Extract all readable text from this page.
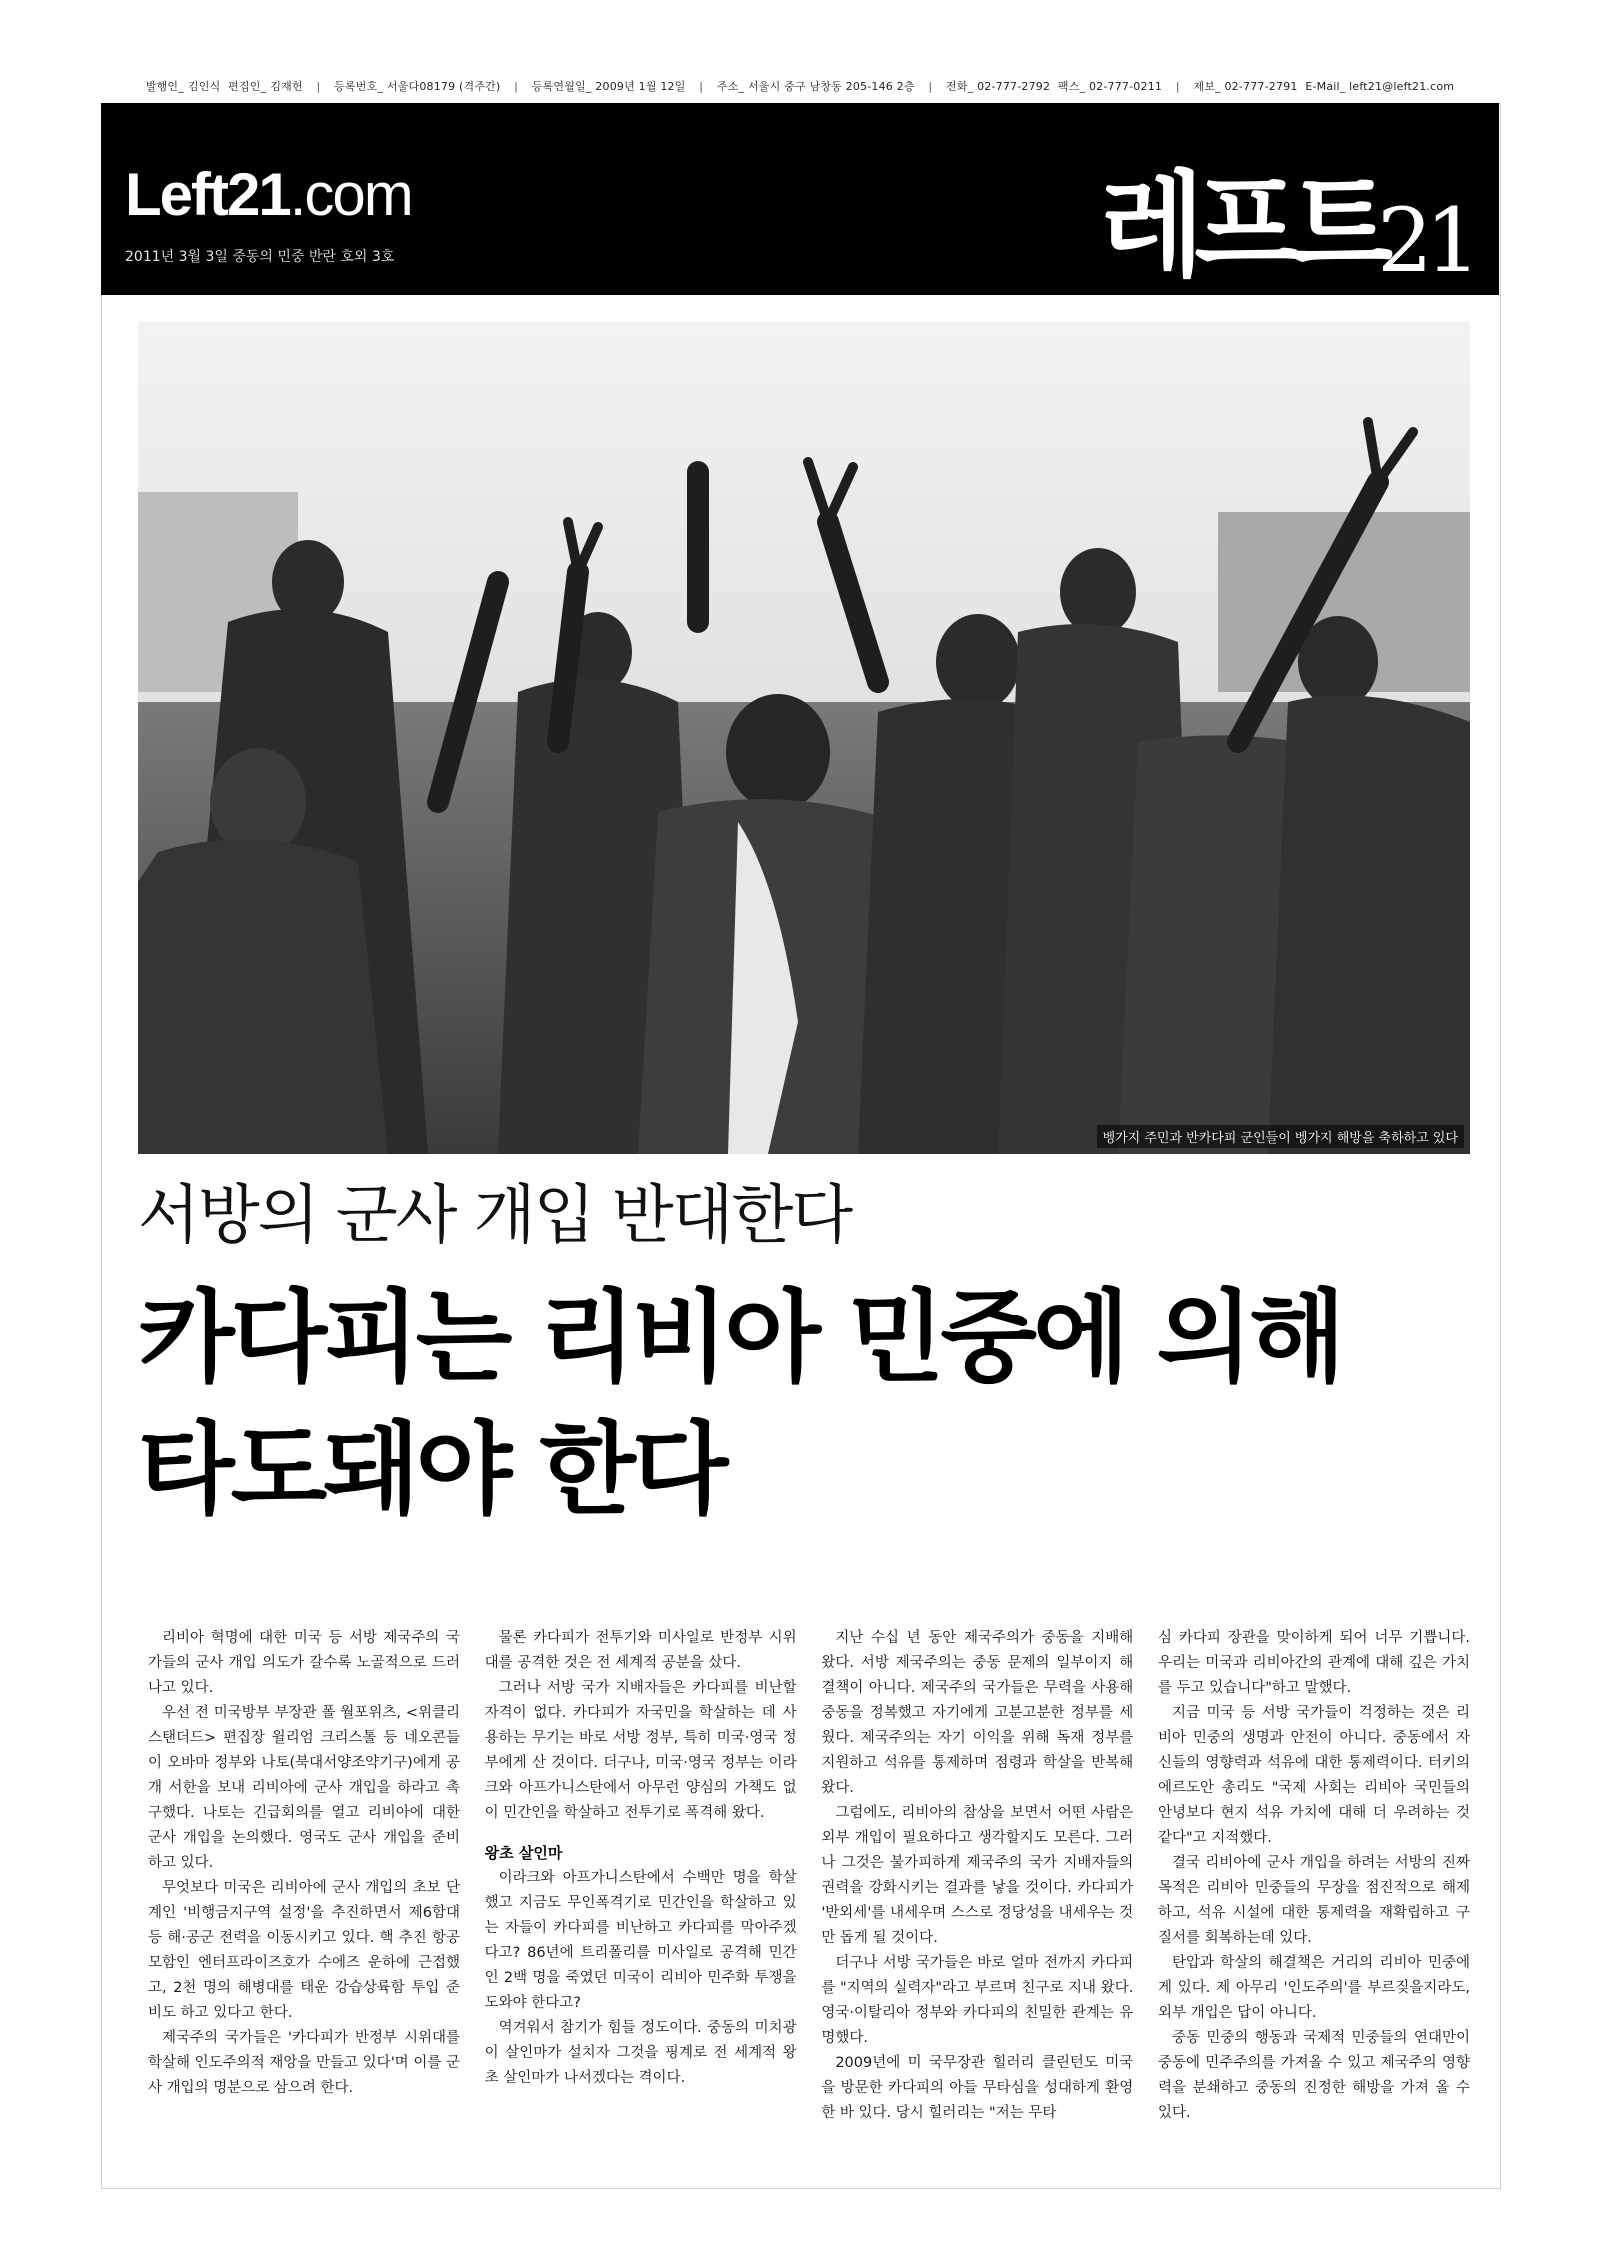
발행인_ 김인식 편집인_ 김재헌 | 등록번호_ 서울다08179 (격주간) | 등록연월일_ 2009년 1월 12일 | 주소_ 서울시 중구 남창동 205-146 2층 | 전화_ 02-777-2792 팩스_ 02-777-0211 | 제보_ 02-777-2791 E-Mail_ left21@left21.com
Left21.com
2011년 3월 3일 중동의 민중 반란 호외 3호	레프트
21
벵가지 주민과 반카다피 군인들이 벵가지 해방을 축하하고 있다
서방의 군사 개입 반대한다
카다피는 리비아 민중에 의해
타도돼야 한다

리비아 혁명에 대한 미국 등 서방 제국주의 국가들의 군사 개입 의도가 갈수록 노골적으로 드러나고 있다.

우선 전 미국방부 부장관 폴 월포위츠, <위클리 스탠더드> 편집장 윌리엄 크리스톨 등 네오콘들이 오바마 정부와 나토(북대서양조약기구)에게 공개 서한을 보내 리비아에 군사 개입을 하라고 촉구했다. 나토는 긴급회의를 열고 리비아에 대한 군사 개입을 논의했다. 영국도 군사 개입을 준비하고 있다.

무엇보다 미국은 리비아에 군사 개입의 초보 단계인 '비행금지구역 설정'을 추진하면서 제6함대 등 해·공군 전력을 이동시키고 있다. 핵 추진 항공모함인 엔터프라이즈호가 수에즈 운하에 근접했고, 2천 명의 해병대를 태운 강습상륙함 투입 준비도 하고 있다고 한다.

제국주의 국가들은 '카다피가 반정부 시위대를 학살해 인도주의적 재앙을 만들고 있다'며 이를 군사 개입의 명분으로 삼으려 한다.

물론 카다피가 전투기와 미사일로 반정부 시위대를 공격한 것은 전 세계적 공분을 샀다.

그러나 서방 국가 지배자들은 카다피를 비난할 자격이 없다. 카다피가 자국민을 학살하는 데 사용하는 무기는 바로 서방 정부, 특히 미국·영국 정부에게 산 것이다. 더구나, 미국·영국 정부는 이라크와 아프가니스탄에서 아무런 양심의 가책도 없이 민간인을 학살하고 전투기로 폭격해 왔다.

왕초 살인마

이라크와 아프가니스탄에서 수백만 명을 학살했고 지금도 무인폭격기로 민간인을 학살하고 있는 자들이 카다피를 비난하고 카다피를 막아주겠다고? 86년에 트리폴리를 미사일로 공격해 민간인 2백 명을 죽였던 미국이 리비아 민주화 투쟁을 도와야 한다고?

역겨워서 참기가 힘들 정도이다. 중동의 미치광이 살인마가 설치자 그것을 핑계로 전 세계적 왕초 살인마가 나서겠다는 격이다.

지난 수십 년 동안 제국주의가 중동을 지배해 왔다. 서방 제국주의는 중동 문제의 일부이지 해결책이 아니다. 제국주의 국가들은 무력을 사용해 중동을 정복했고 자기에게 고분고분한 정부를 세웠다. 제국주의는 자기 이익을 위해 독재 정부를 지원하고 석유를 통제하며 점령과 학살을 반복해 왔다.

그럼에도, 리비아의 참상을 보면서 어떤 사람은 외부 개입이 필요하다고 생각할지도 모른다. 그러나 그것은 불가피하게 제국주의 국가 지배자들의 권력을 강화시키는 결과를 낳을 것이다. 카다피가 '반외세'를 내세우며 스스로 정당성을 내세우는 것만 돕게 될 것이다.

더구나 서방 국가들은 바로 얼마 전까지 카다피를 "지역의 실력자"라고 부르며 친구로 지내 왔다. 영국·이탈리아 정부와 카다피의 친밀한 관계는 유명했다.

2009년에 미 국무장관 힐러리 클린턴도 미국을 방문한 카다피의 아들 무타심을 성대하게 환영한 바 있다. 당시 힐러리는 "저는 무타

심 카다피 장관을 맞이하게 되어 너무 기쁩니다. 우리는 미국과 리비아간의 관계에 대해 깊은 가치를 두고 있습니다"하고 말했다.

지금 미국 등 서방 국가들이 걱정하는 것은 리비아 민중의 생명과 안전이 아니다. 중동에서 자신들의 영향력과 석유에 대한 통제력이다. 터키의 에르도안 총리도 "국제 사회는 리비아 국민들의 안녕보다 현지 석유 가치에 대해 더 우려하는 것 같다"고 지적했다.

결국 리비아에 군사 개입을 하려는 서방의 진짜 목적은 리비아 민중들의 무장을 점진적으로 해제하고, 석유 시설에 대한 통제력을 재확립하고 구질서를 회복하는데 있다.

탄압과 학살의 해결책은 거리의 리비아 민중에게 있다. 제 아무리 '인도주의'를 부르짖을지라도, 외부 개입은 답이 아니다.

중동 민중의 행동과 국제적 민중들의 연대만이 중동에 민주주의를 가져올 수 있고 제국주의 영향력을 분쇄하고 중동의 진정한 해방을 가져 올 수 있다.
